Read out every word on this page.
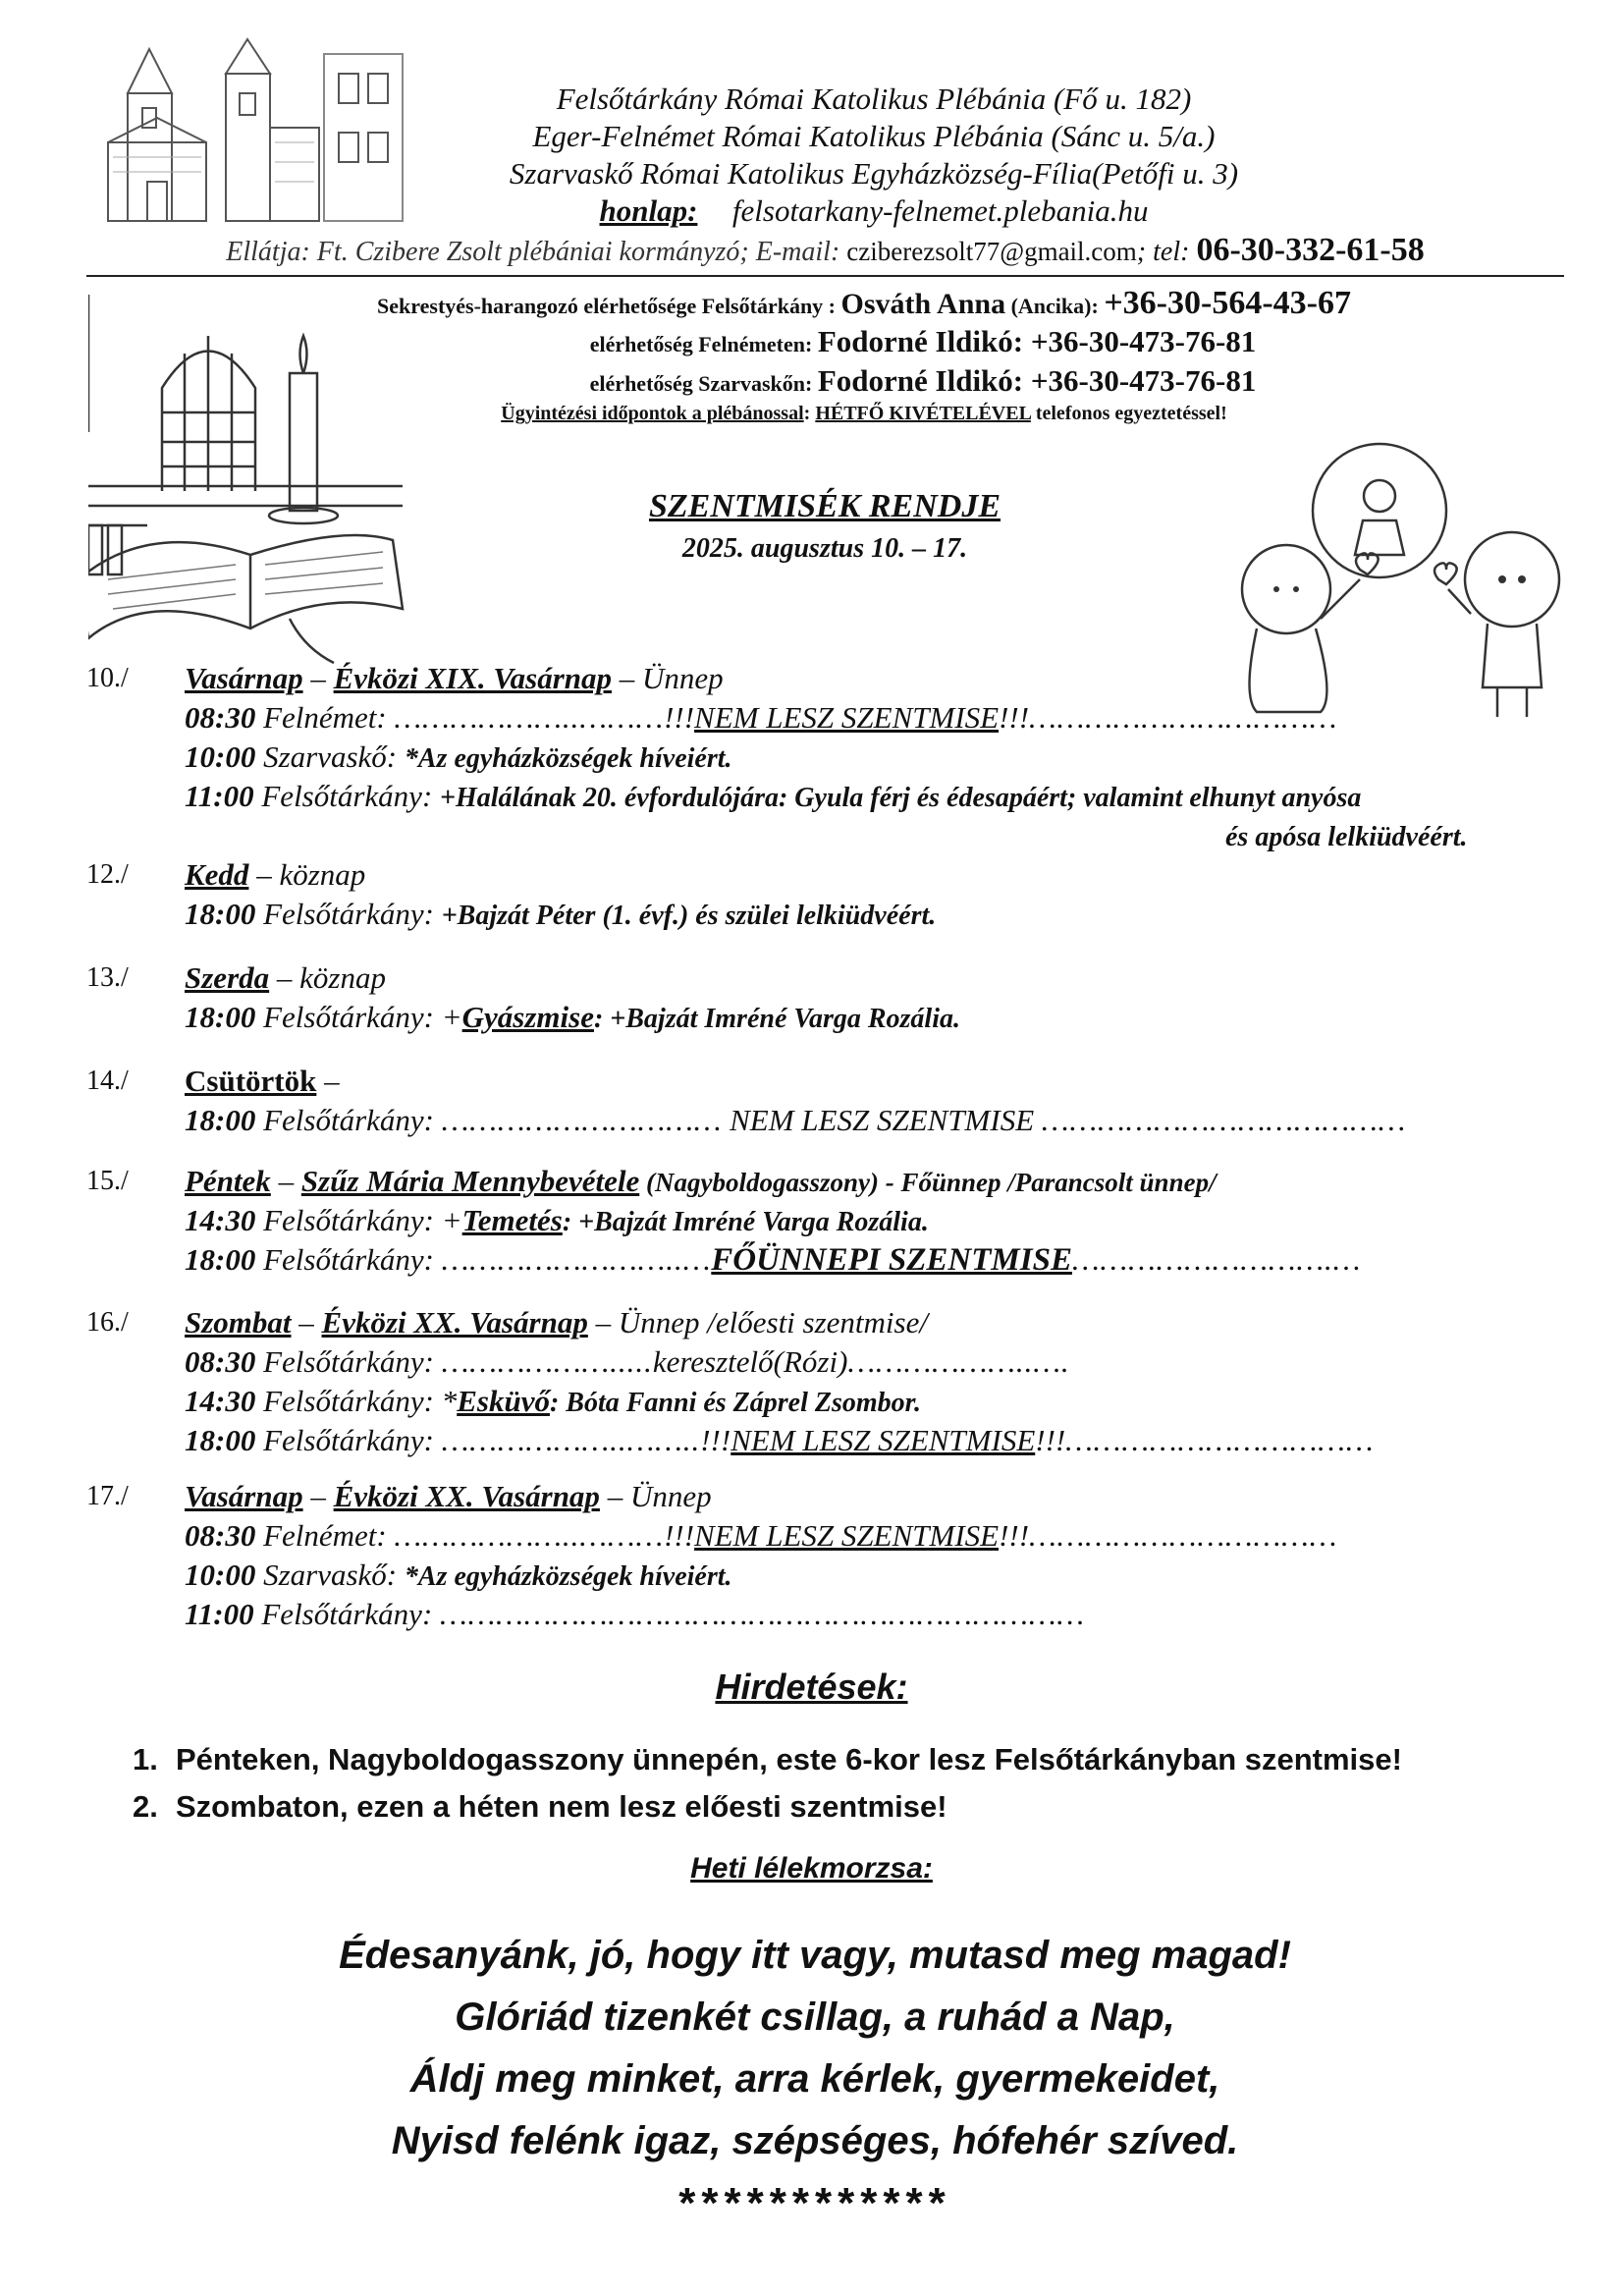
Felsőtárkány Római Katolikus Plébánia (Fő u. 182)
Eger-Felnémet Római Katolikus Plébánia (Sánc u. 5/a.)
Szarvaskő Római Katolikus Egyházközség-Fília(Petőfi u. 3)
honlap: felsotarkany-felnemet.plebania.hu
Ellátja: Ft. Czibere Zsolt plébániai kormányzó; E-mail: cziberezsolt77@gmail.com; tel: 06-30-332-61-58
Sekrestyés-harangozó elérhetősége Felsőtárkány : Osváth Anna (Ancika): +36-30-564-43-67
elérhetőség Felnémeten: Fodorné Ildikó: +36-30-473-76-81
elérhetőség Szarvaskőn: Fodorné Ildikó: +36-30-473-76-81
Ügyintézési időpontok a plébánossal: HÉTFŐ KIVÉTELÉVEL telefonos egyeztetéssel!
SZENTMISÉK RENDJE
2025. augusztus 10. – 17.
10./	Vasárnap – Évközi XIX. Vasárnap – Ünnep
08:30 Felnémet: ………………..………!!!NEM LESZ SZENTMISE!!!……………………………
10:00 Szarvaskő: *Az egyházközségek híveiért.
11:00 Felsőtárkány: +Halálának 20. évfordulójára: Gyula férj és édesapáért; valamint elhunyt anyósa
és apósa lelkiüdvéért.
12./	Kedd – köznap
18:00 Felsőtárkány: +Bajzát Péter (1. évf.) és szülei lelkiüdvéért.
13./	Szerda – köznap
18:00 Felsőtárkány: +Gyászmise: +Bajzát Imréné Varga Rozália.
14./	Csütörtök –
18:00 Felsőtárkány: ………………………… NEM LESZ SZENTMISE …………………………………
15./	Péntek – Szűz Mária Mennybevétele (Nagyboldogasszony) - Főünnep /Parancsolt ünnep/
14:30 Felsőtárkány: +Temetés: +Bajzát Imréné Varga Rozália.
18:00 Felsőtárkány: ……………………..…FŐÜNNEPI SZENTMISE……………………….…
16./	Szombat – Évközi XX. Vasárnap – Ünnep /előesti szentmise/
08:30 Felsőtárkány: ……………….....keresztelő(Rózi)………………..….
14:30 Felsőtárkány: *Esküvő: Bóta Fanni és Záprel Zsombor.
18:00 Felsőtárkány: ………………..……..!!!NEM LESZ SZENTMISE!!!……………………………
17./	Vasárnap – Évközi XX. Vasárnap – Ünnep
08:30 Felnémet: ………………..………!!!NEM LESZ SZENTMISE!!!……………………………
10:00 Szarvaskő: *Az egyházközségek híveiért.
11:00 Felsőtárkány: ……………………………………………………………
Hirdetések:
1. Pénteken, Nagyboldogasszony ünnepén, este 6-kor lesz Felsőtárkányban szentmise!
2. Szombaton, ezen a héten nem lesz előesti szentmise!
Heti lélekmorzsa:
Édesanyánk, jó, hogy itt vagy, mutasd meg magad!
Glóriád tizenkét csillag, a ruhád a Nap,
Áldj meg minket, arra kérlek, gyermekeidet,
Nyisd felénk igaz, szépséges, hófehér szíved.
************
